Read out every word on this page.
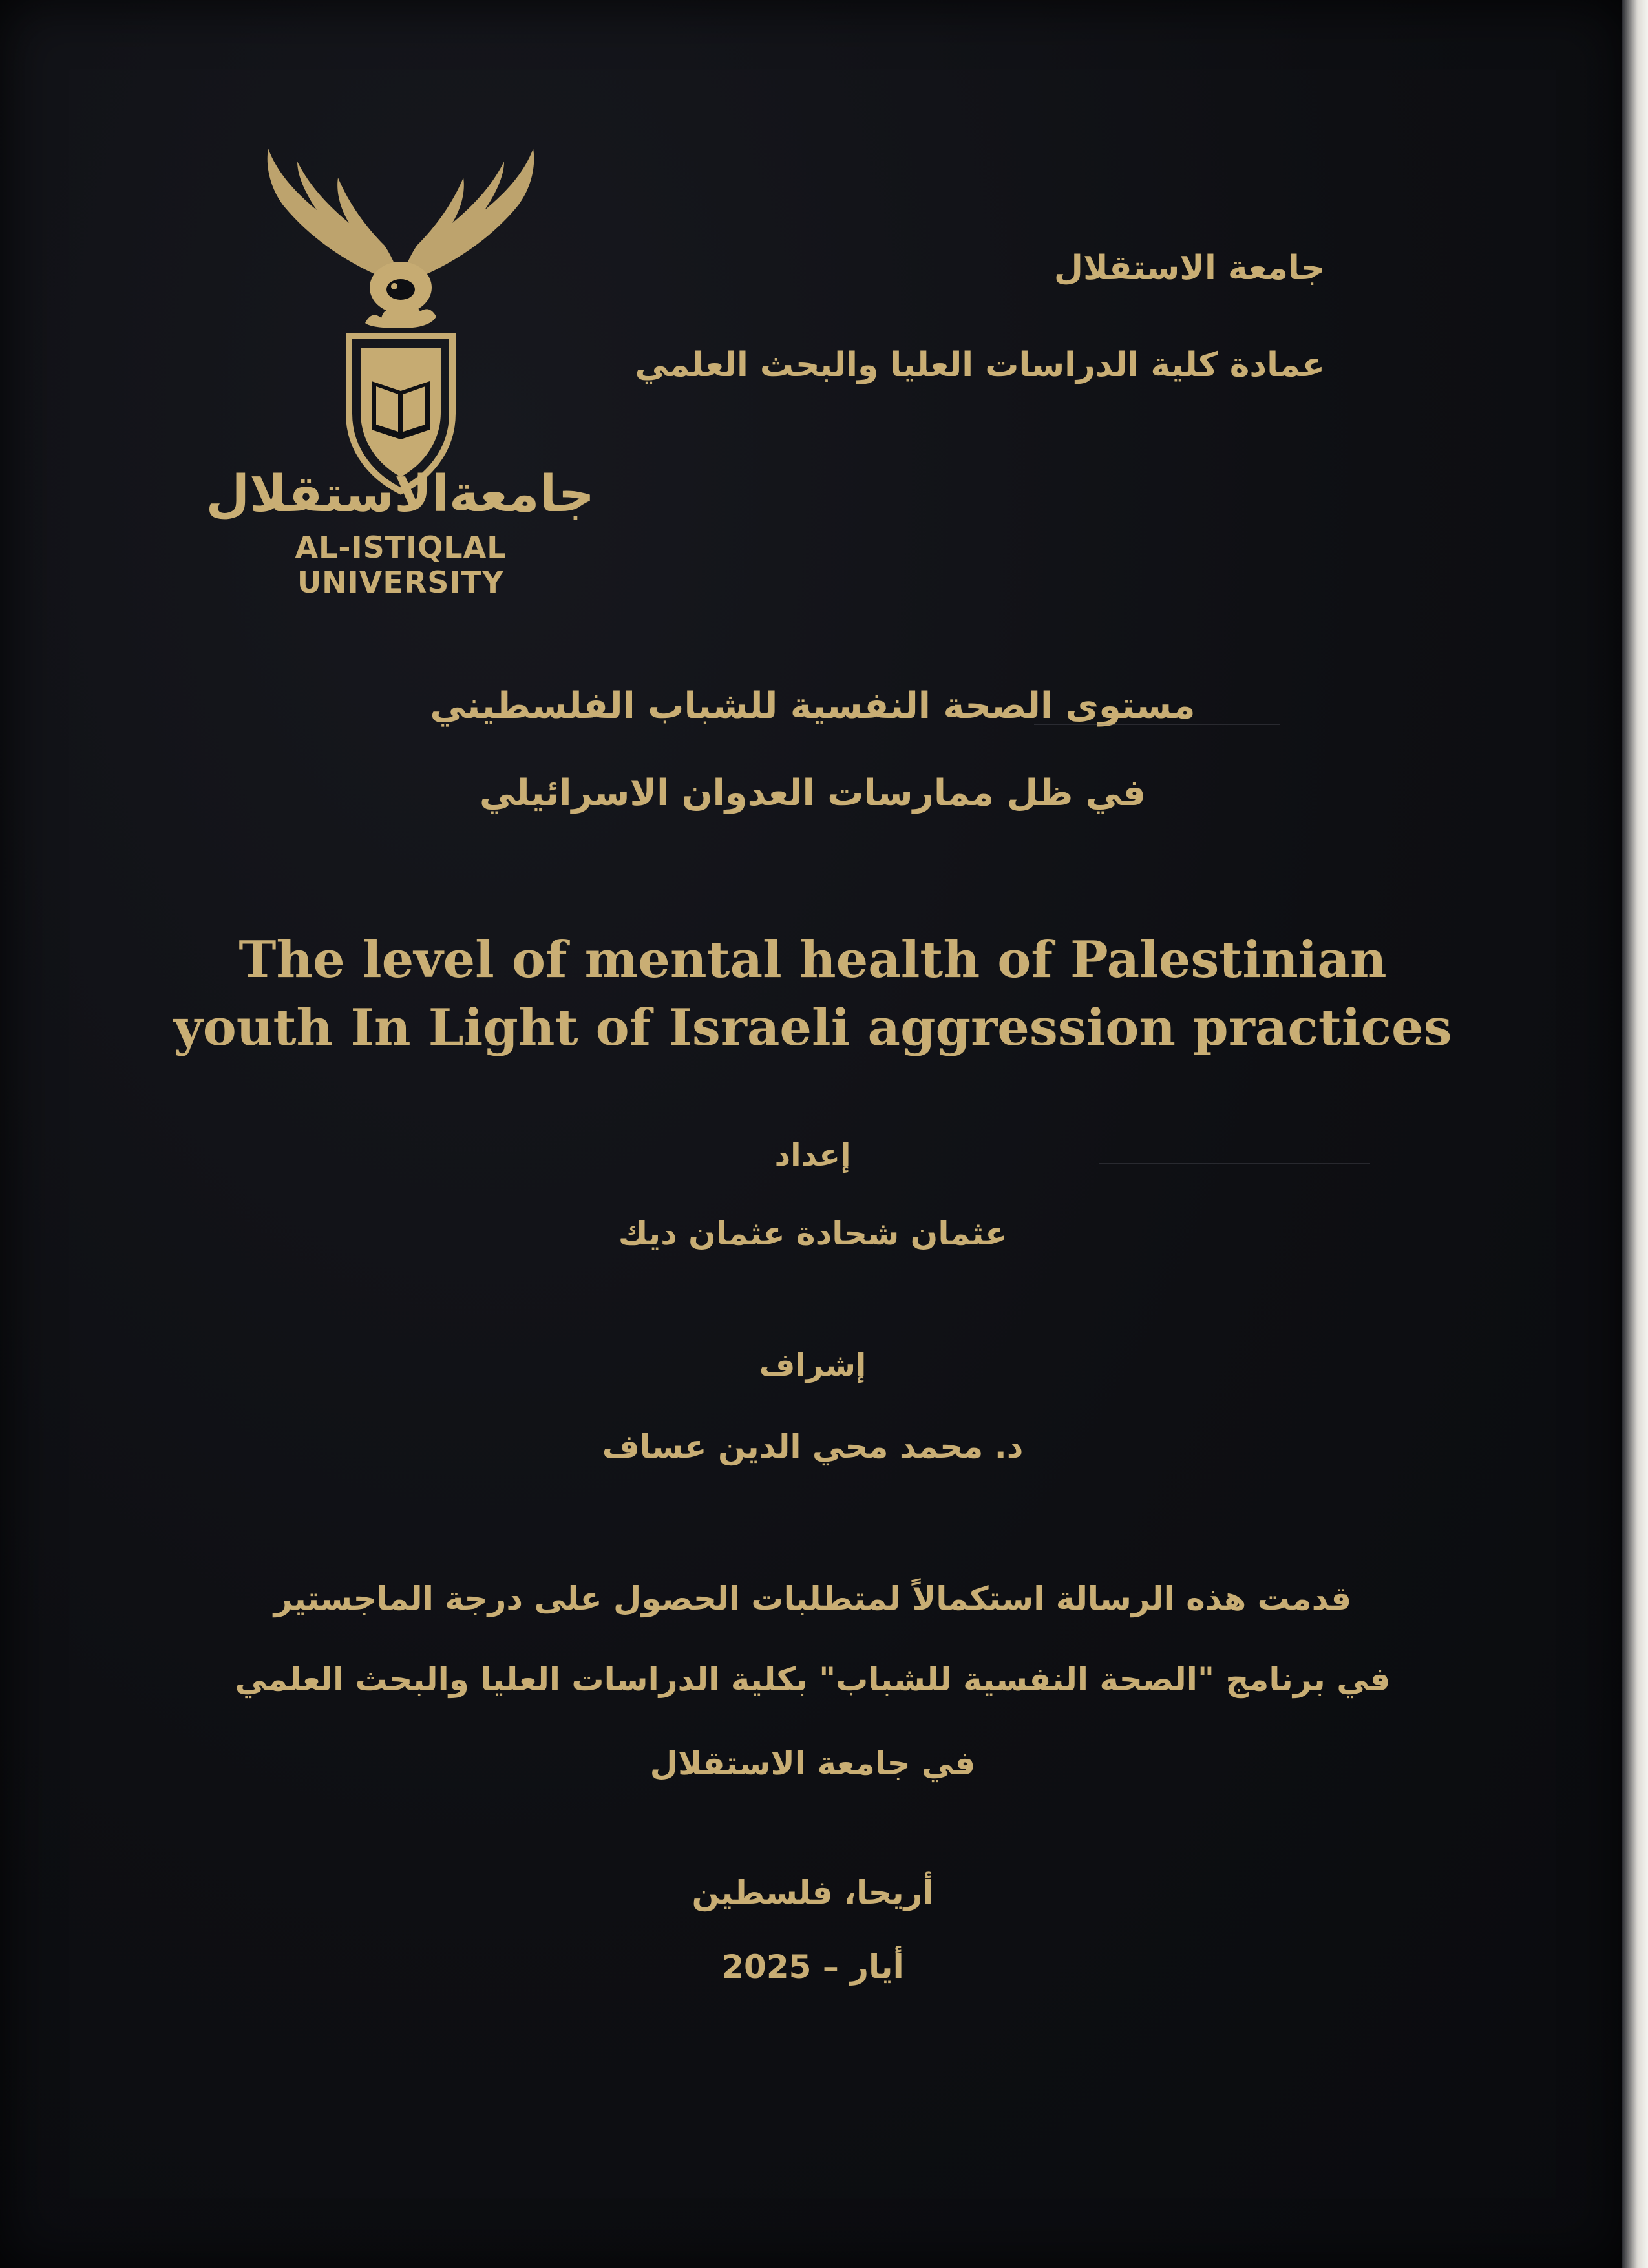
جامعةالاستقلال
AL-ISTIQLAL UNIVERSITY
جامعة الاستقلال
عمادة كلية الدراسات العليا والبحث العلمي
مستوى الصحة النفسية للشباب الفلسطيني
في ظل ممارسات العدوان الاسرائيلي
The level of mental health of Palestinian
youth In Light of Israeli aggression practices
إعداد
عثمان شحادة عثمان ديك
إشراف
د. محمد محي الدين عساف
قدمت هذه الرسالة استكمالاً لمتطلبات الحصول على درجة الماجستير
في برنامج "الصحة النفسية للشباب" بكلية الدراسات العليا والبحث العلمي
في جامعة الاستقلال
أريحا، فلسطين
أيار – 2025
